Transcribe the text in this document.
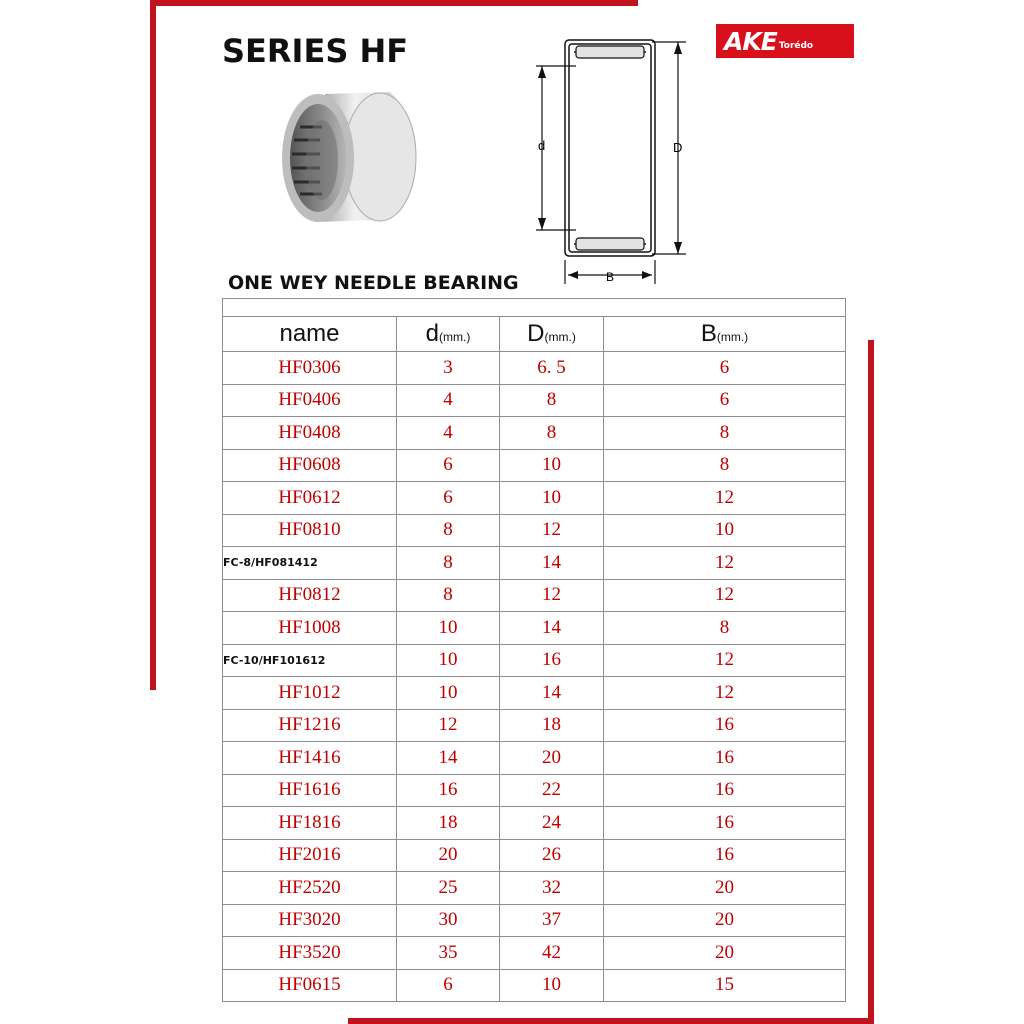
SERIES HF
d	D
B
AKE Torédo
ONE WEY NEEDLE BEARING

name	d(mm.)	D(mm.)	B(mm.)
HF0306	3	6. 5	6
HF0406	4	8	6
HF0408	4	8	8
HF0608	6	10	8
HF0612	6	10	12
HF0810	8	12	10
FC-8/HF081412	8	14	12
HF0812	8	12	12
HF1008	10	14	8
FC-10/HF101612	10	16	12
HF1012	10	14	12
HF1216	12	18	16
HF1416	14	20	16
HF1616	16	22	16
HF1816	18	24	16
HF2016	20	26	16
HF2520	25	32	20
HF3020	30	37	20
HF3520	35	42	20
HF0615	6	10	15
